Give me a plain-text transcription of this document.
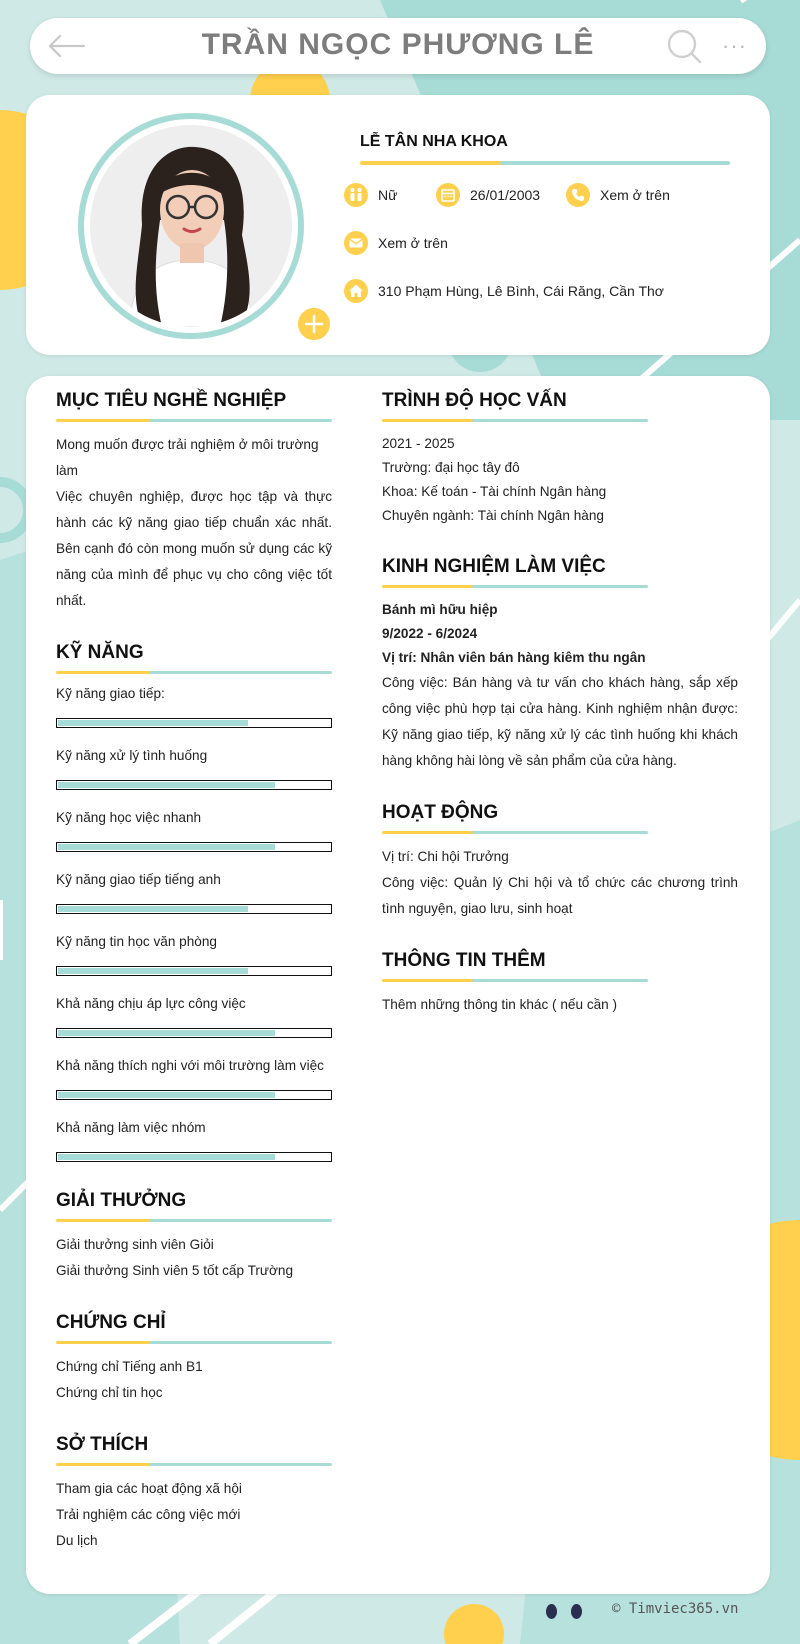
TRẦN NGỌC PHƯƠNG LÊ	···
LỄ TÂN NHA KHOA
Nữ	26/01/2003	Xem ở trên
Xem ở trên
310 Phạm Hùng, Lê Bình, Cái Răng, Cần Thơ
MỤC TIÊU NGHỀ NGHIỆP
Mong muốn được trải nghiệm ở môi trường làm
Việc chuyên nghiệp, được học tập và thực hành các kỹ năng giao tiếp chuẩn xác nhất. Bên cạnh đó còn mong muốn sử dụng các kỹ năng của mình để phục vụ cho công việc tốt nhất.
KỸ NĂNG
Kỹ năng giao tiếp:
Kỹ năng xử lý tình huống
Kỹ năng học việc nhanh
Kỹ năng giao tiếp tiếng anh
Kỹ năng tin học văn phòng
Khả năng chịu áp lực công việc
Khả năng thích nghi với môi trường làm việc
Khả năng làm việc nhóm
GIẢI THƯỞNG
Giải thưởng sinh viên Giỏi
Giải thưởng Sinh viên 5 tốt cấp Trường
CHỨNG CHỈ
Chứng chỉ Tiếng anh B1
Chứng chỉ tin học
SỞ THÍCH
Tham gia các hoạt động xã hội
Trải nghiệm các công việc mới
Du lịch
TRÌNH ĐỘ HỌC VẤN
2021 - 2025
Trường: đại học tây đô
Khoa: Kế toán - Tài chính Ngân hàng
Chuyên ngành: Tài chính Ngân hàng
KINH NGHIỆM LÀM VIỆC
Bánh mì hữu hiệp
9/2022 - 6/2024
Vị trí: Nhân viên bán hàng kiêm thu ngân
Công việc: Bán hàng và tư vấn cho khách hàng, sắp xếp công việc phù hợp tại cửa hàng. Kinh nghiệm nhận được: Kỹ năng giao tiếp, kỹ năng xử lý các tình huống khi khách hàng không hài lòng về sản phẩm của cửa hàng.
HOẠT ĐỘNG
Vị trí: Chi hội Trưởng
Công việc: Quản lý Chi hội và tổ chức các chương trình tình nguyện, giao lưu, sinh hoạt
THÔNG TIN THÊM
Thêm những thông tin khác ( nếu cần )
© Timviec365.vn
